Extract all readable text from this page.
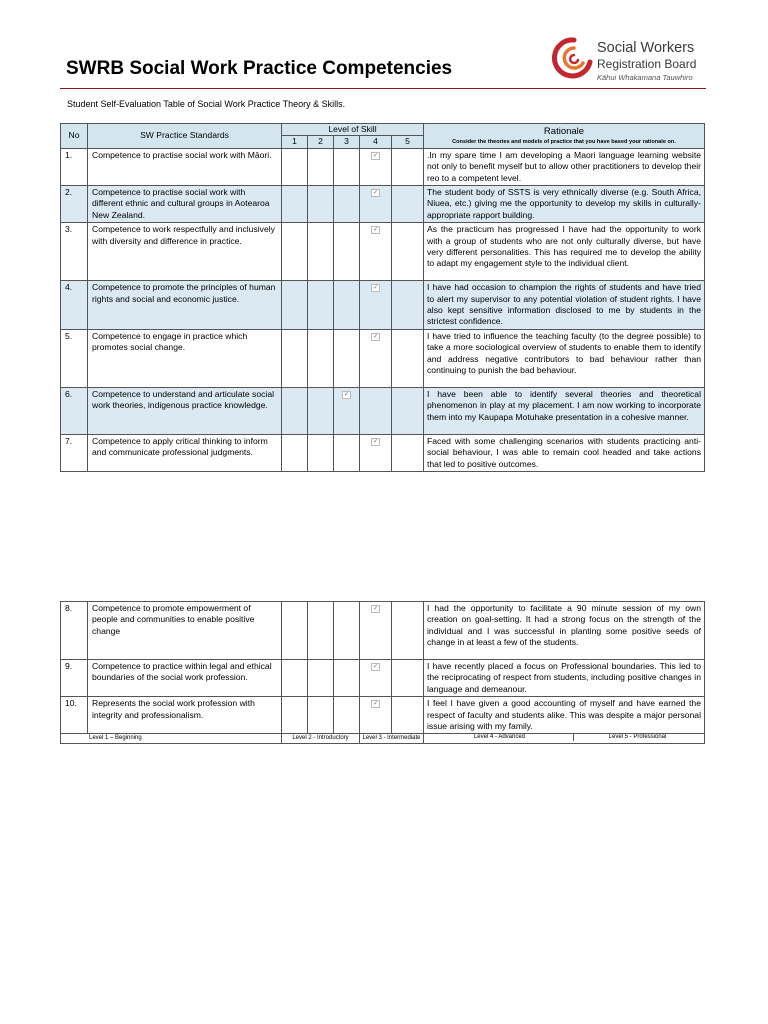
SWRB Social Work Practice Competencies
Social Workers
Registration Board
Kāhui Whakamana Tauwhiro

Student Self-Evaluation Table of Social Work Practice Theory & Skills.

No	SW Practice Standards	Level of Skill					Rationale
Consider the theories and models of practice that you have based your rationale on.

		1	2	3	4	5	
1.	Competence to practise social work with Māori.				✓		.In my spare time I am developing a Maori language learning website not only to benefit myself but to allow other practitioners to develop their reo to a competent level.
2.	Competence to practise social work with different ethnic and cultural groups in Aotearoa New Zealand.				✓		The student body of SSTS is very ethnically diverse (e.g. South Africa, Niuea, etc.) giving me the opportunity to develop my skills in culturally- appropriate rapport building.
3.	Competence to work respectfully and inclusively with diversity and difference in practice.				✓		As the practicum has progressed I have had the opportunity to work with a group of students who are not only culturally diverse, but have very different personalities. This has required me to develop the ability to adapt my engagement style to the individual client.
4.	Competence to promote the principles of human rights and social and economic justice.				✓		I have had occasion to champion the rights of students and have tried to alert my supervisor to any potential violation of student rights. I have also kept sensitive information disclosed to me by students in the strictest confidence.
5.	Competence to engage in practice which promotes social change.				✓		I have tried to influence the teaching faculty (to the degree possible) to take a more sociological overview of students to enable them to identify and address negative contributors to bad behaviour rather than continuing to punish the bad behaviour.
6.	Competence to understand and articulate social work theories, indigenous practice knowledge.			✓			I have been able to identify several theories and theoretical phenomenon in play at my placement. I am now working to incorporate them into my Kaupapa Motuhake presentation in a cohesive manner.
7.	Competence to apply critical thinking to inform and communicate professional judgments.				✓		Faced with some challenging scenarios with students practicing anti-social behaviour, I was able to remain cool headed and take actions that led to positive outcomes.
8.	Competence to promote empowerment of people and communities to enable positive change				✓		I had the opportunity to facilitate a 90 minute session of my own creation on goal-setting. It had a strong focus on the strength of the individual and I was successful in planting some positive seeds of change in at least a few of the students.
9.	Competence to practice within legal and ethical boundaries of the social work profession.				✓		I have recently placed a focus on Professional boundaries. This led to the reciprocating of respect from students, including positive changes in language and demeanour.
10.	Represents the social work profession with integrity and professionalism.				✓		I feel I have given a good accounting of myself and have earned the respect of faculty and students alike. This was despite a major personal issue arising with my family.
Level 1 – Beginning		Level 2 - Introductory			Level 3 - Intermediate		Level 4 - Advanced Level 5 - Professional
